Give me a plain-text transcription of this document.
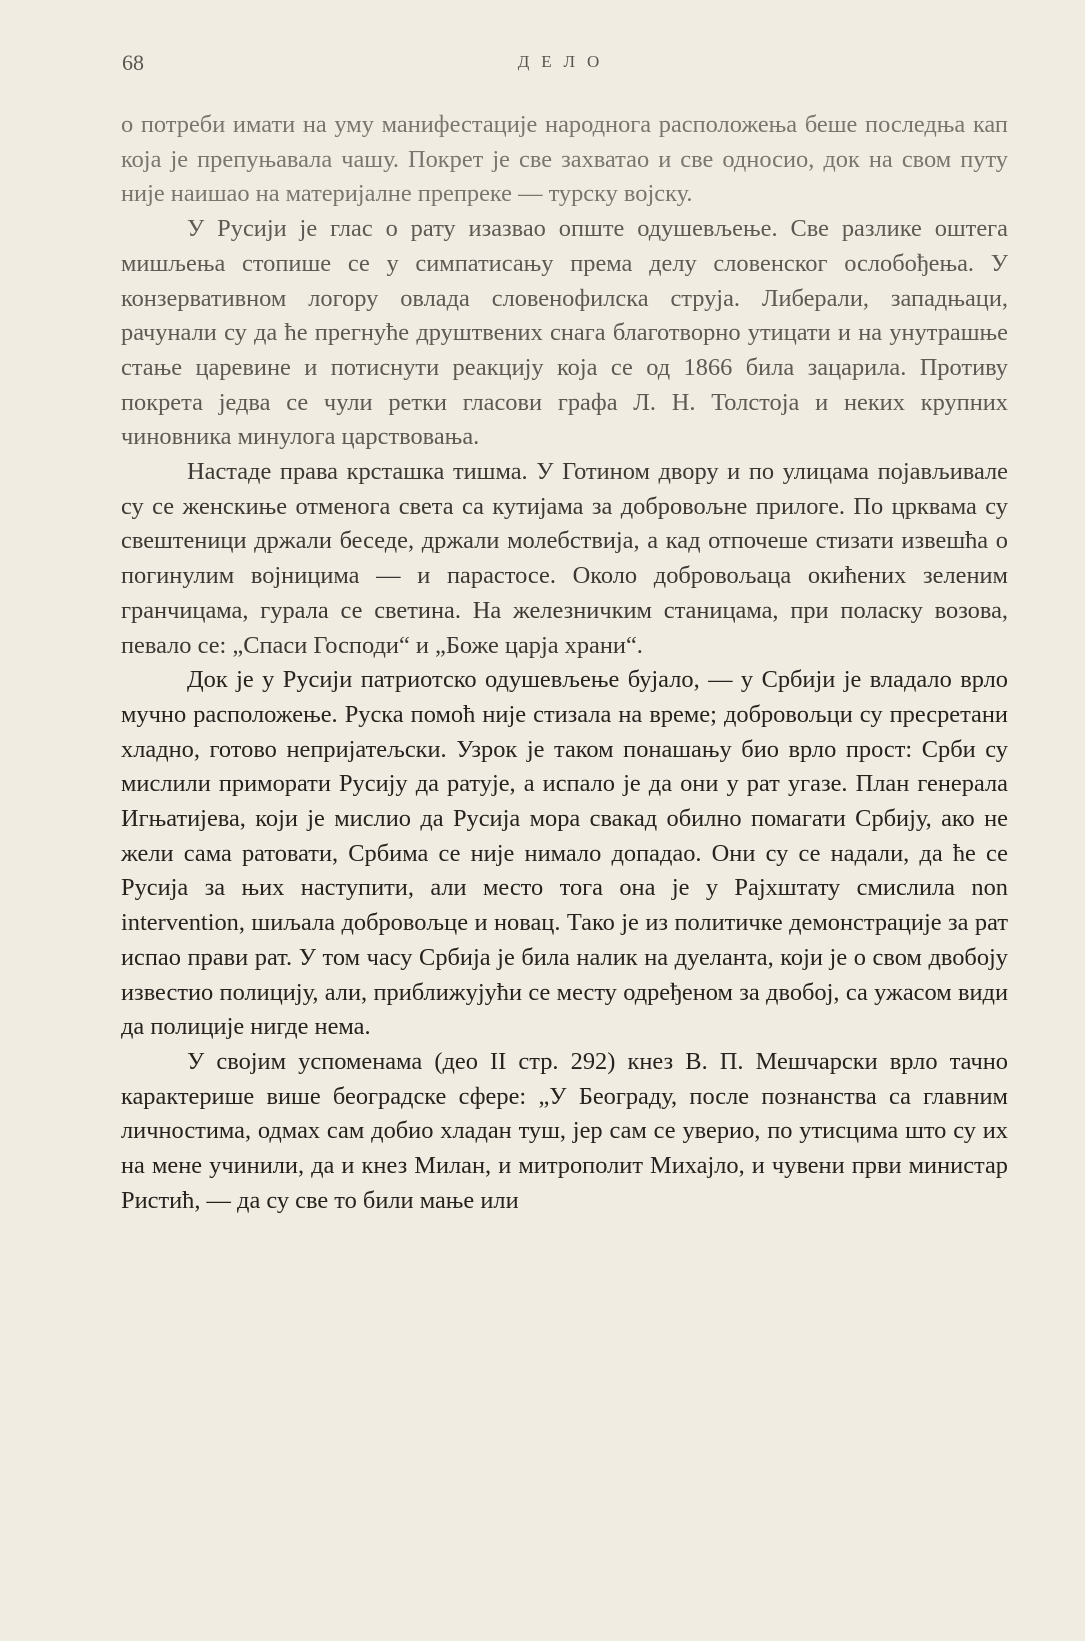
68	ДЕЛО

о потреби имати на уму манифестације народнога расположења беше последња кап која је препуњавала чашу. Покрет је све захватао и све односио, док на свом путу није наишао на материјалне препреке — турску војску.

У Русији је глас о рату изазвао опште одушевљење. Све разлике оштега мишљења стопише се у симпатисању према делу словенског ослобођења. У конзервативном логору овлада словенофилска струја. Либерали, западњаци, рачунали су да ће прегнуће друштвених снага благотворно утицати и на унутрашње стање царевине и потиснути реакцију која се од 1866 била зацарила. Противу покрета једва се чули ретки гласови графа Л. Н. Толстоја и неких крупних чиновника минулога царствовања.

Настаде права крсташка тишма. У Готином двору и по улицама појављивале су се женскиње отменога света са кутијама за добровољне прилоге. По црквама су свештеници држали беседе, држали молебствија, а кад отпочеше стизати извешћа о погинулим војницима — и парастосе. Около добровољаца окићених зеленим гранчицама, гурала се светина. На железничким станицама, при поласку возова, певало се: „Спаси Господи“ и „Боже царја храни“.

Док је у Русији патриотско одушевљење бујало, — у Србији је владало врло мучно расположење. Руска помоћ није стизала на време; добровољци су пресретани хладно, готово непријатељски. Узрок је таком понашању био врло прост: Срби су мислили приморати Русију да ратује, а испало је да они у рат угазе. План генерала Игњатијева, који је мислио да Русија мора свакад обилно помагати Србију, ако не жели сама ратовати, Србима се није нимало допадао. Они су се надали, да ће се Русија за њих наступити, али место тога она је у Рајхштату смислила non intervention, шиљала добровољце и новац. Тако је из политичке демонстрације за рат испао прави рат. У том часу Србија је била налик на дуеланта, који је о свом двобоју известио полицију, али, приближујући се месту одређеном за двобој, са ужасом види да полиције нигде нема.

У својим успоменама (део II стр. 292) кнез В. П. Мешчарски врло тачно карактерише више београдске сфере: „У Београду, после познанства са главним личностима, одмах сам добио хладан туш, јер сам се уверио, по утисцима што су их на мене учинили, да и кнез Милан, и митрополит Михајло, и чувени први министар Ристић, — да су све то били мање или
